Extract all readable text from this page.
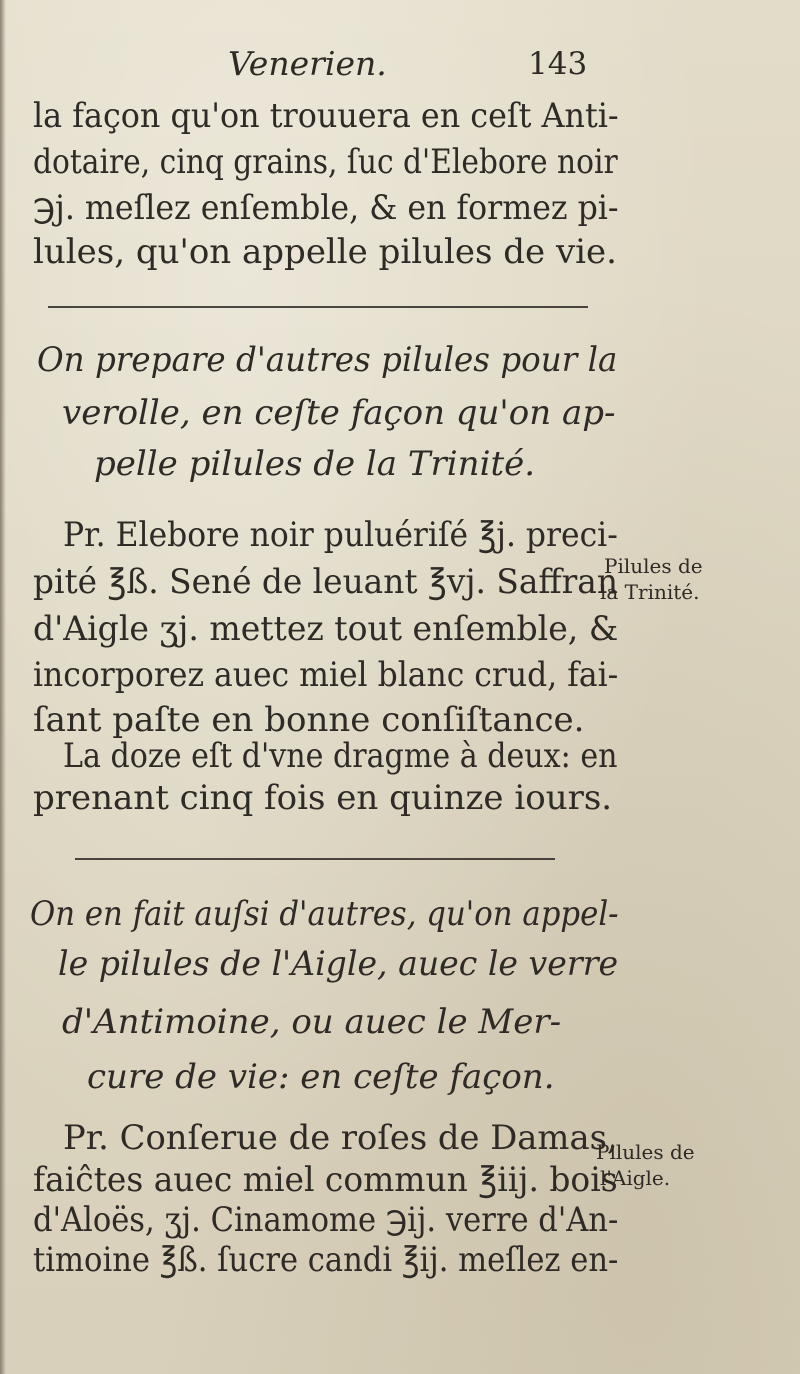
Venerien.	143
la façon qu'on trouuera en ceſt Anti-
dotaire, cinq grains, ſuc d'Elebore noir
℈j. meſlez enſemble, & en formez pi-
lules, qu'on appelle pilules de vie.
On prepare d'autres pilules pour la
verolle, en ceſte façon qu'on ap-
pelle pilules de la Trinité.
Pr. Elebore noir puluériſé ℥j. preci-
pité ℥ß. Sené de leuant ℥vj. Saffran
d'Aigle ʒj. mettez tout enſemble, &
incorporez auec miel blanc crud, fai-
ſant paſte en bonne conſiſtance.
La doze eſt d'vne dragme à deux: en
prenant cinq fois en quinze iours.
Pilules de
la Trinité.
On en fait auſsi d'autres, qu'on appel-
le pilules de l'Aigle, auec le verre
d'Antimoine, ou auec le Mer-
cure de vie: en ceſte façon.
Pr. Conſerue de roſes de Damas,
faiĉtes auec miel commun ℥iij. bois
d'Aloës, ʒj. Cinamome ℈ij. verre d'An-
timoine ℥ß. ſucre candi ℥ij. meſlez en-
Pilules de
l'Aigle.
